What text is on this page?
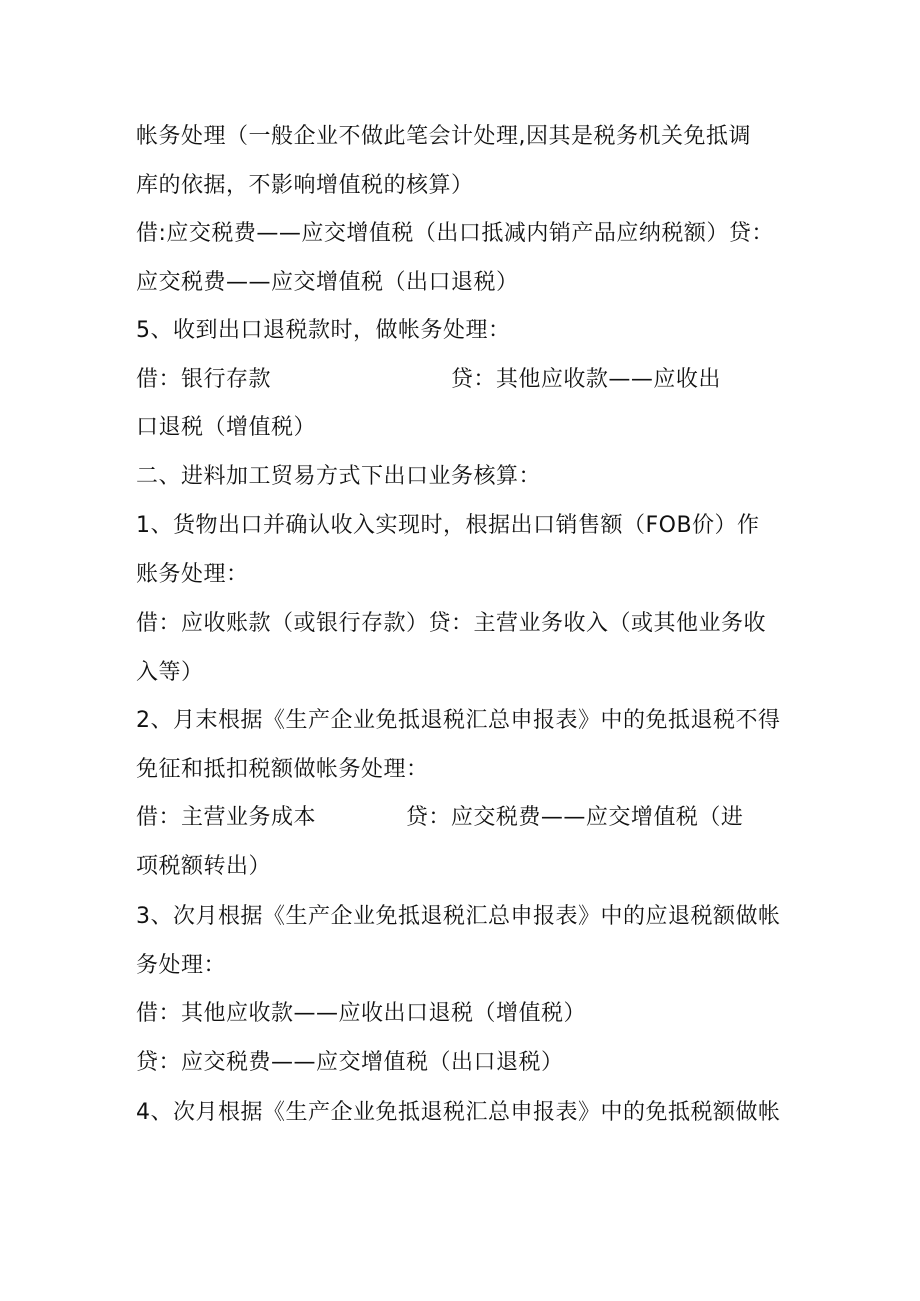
帐务处理（一般企业不做此笔会计处理,因其是税务机关免抵调
库的依据，不影响增值税的核算）
借:应交税费——应交增值税（出口抵减内销产品应纳税额）贷：
应交税费——应交增值税（出口退税）
5、收到出口退税款时，做帐务处理：
借：银行存款                        贷：其他应收款——应收出
口退税（增值税）
二、进料加工贸易方式下出口业务核算：
1、货物出口并确认收入实现时，根据出口销售额（FOB价）作
账务处理：
借：应收账款（或银行存款）贷：主营业务收入（或其他业务收
入等）
2、月末根据《生产企业免抵退税汇总申报表》中的免抵退税不得
免征和抵扣税额做帐务处理：
借：主营业务成本            贷：应交税费——应交增值税（进
项税额转出）
3、次月根据《生产企业免抵退税汇总申报表》中的应退税额做帐
务处理：
借：其他应收款——应收出口退税（增值税）
贷：应交税费——应交增值税（出口退税）
4、次月根据《生产企业免抵退税汇总申报表》中的免抵税额做帐
